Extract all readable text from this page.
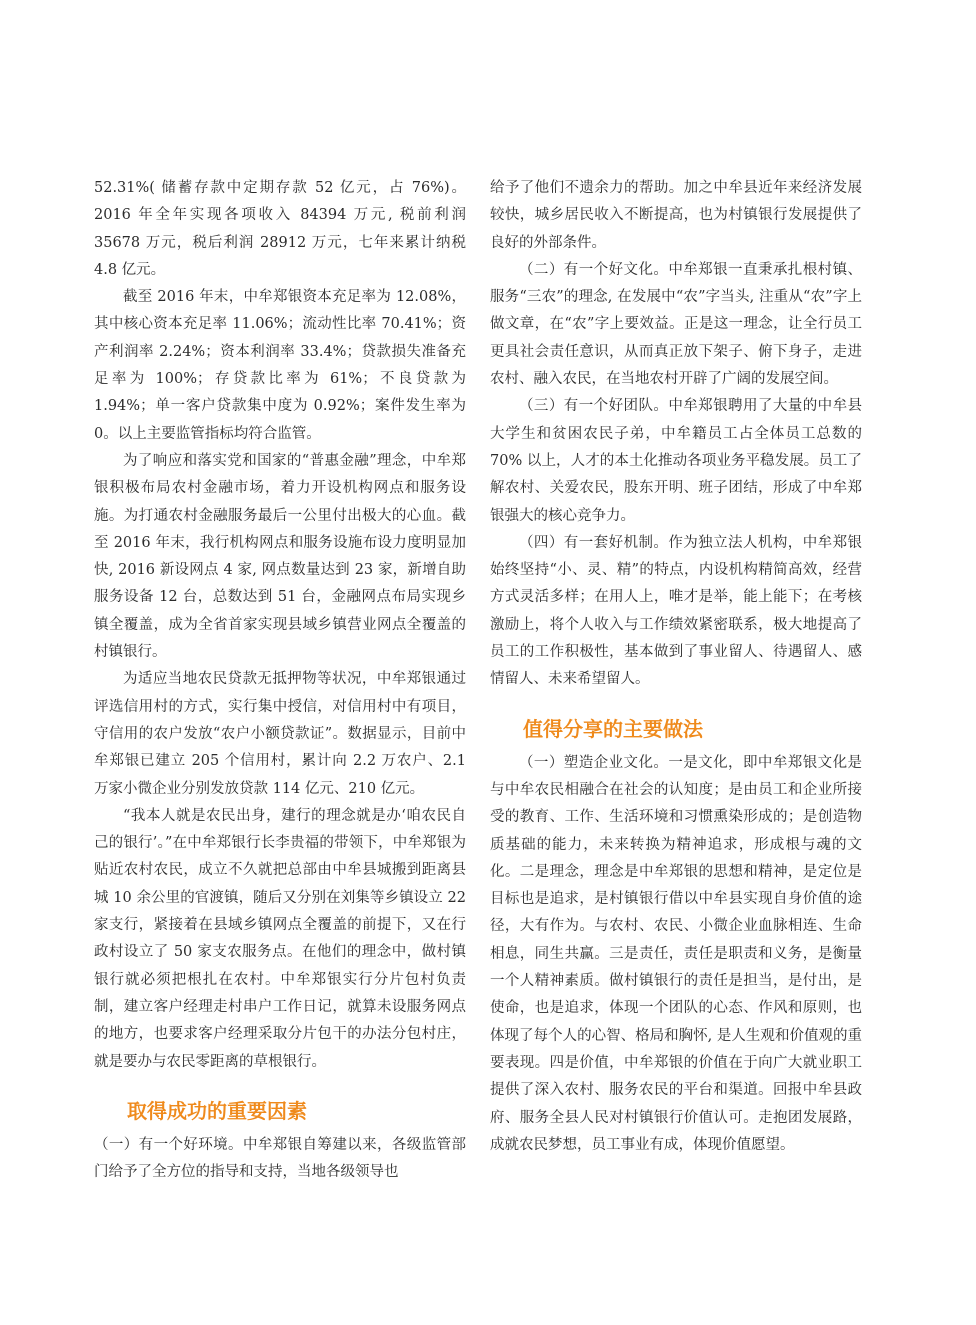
52.31%( 储蓄存款中定期存款 52 亿元，占 76%)。2016 年全年实现各项收入 84394 万元, 税前利润 35678 万元，税后利润 28912 万元，七年来累计纳税 4.8 亿元。

截至 2016 年末，中牟郑银资本充足率为 12.08%，其中核心资本充足率 11.06%；流动性比率 70.41%；资产利润率 2.24%；资本利润率 33.4%；贷款损失准备充足率为 100%；存贷款比率为 61%；不良贷款为 1.94%；单一客户贷款集中度为 0.92%；案件发生率为 0。以上主要监管指标均符合监管。

为了响应和落实党和国家的“普惠金融”理念，中牟郑银积极布局农村金融市场，着力开设机构网点和服务设施。为打通农村金融服务最后一公里付出极大的心血。截至 2016 年末，我行机构网点和服务设施布设力度明显加快, 2016 新设网点 4 家, 网点数量达到 23 家，新增自助服务设备 12 台，总数达到 51 台，金融网点布局实现乡镇全覆盖，成为全省首家实现县域乡镇营业网点全覆盖的村镇银行。

为适应当地农民贷款无抵押物等状况，中牟郑银通过评选信用村的方式，实行集中授信，对信用村中有项目，守信用的农户发放“农户小额贷款证”。数据显示，目前中牟郑银已建立 205 个信用村，累计向 2.2 万农户、2.1 万家小微企业分别发放贷款 114 亿元、210 亿元。

“我本人就是农民出身，建行的理念就是办‘咱农民自己的银行’。”在中牟郑银行长李贵福的带领下，中牟郑银为贴近农村农民，成立不久就把总部由中牟县城搬到距离县城 10 余公里的官渡镇，随后又分别在刘集等乡镇设立 22 家支行，紧接着在县域乡镇网点全覆盖的前提下，又在行政村设立了 50 家支农服务点。在他们的理念中，做村镇银行就必须把根扎在农村。中牟郑银实行分片包村负责制，建立客户经理走村串户工作日记，就算未设服务网点的地方，也要求客户经理采取分片包干的办法分包村庄，就是要办与农民零距离的草根银行。

取得成功的重要因素

（一）有一个好环境。中牟郑银自筹建以来，各级监管部门给予了全方位的指导和支持，当地各级领导也

给予了他们不遗余力的帮助。加之中牟县近年来经济发展较快，城乡居民收入不断提高，也为村镇银行发展提供了良好的外部条件。

（二）有一个好文化。中牟郑银一直秉承扎根村镇、服务“三农”的理念, 在发展中“农”字当头, 注重从“农”字上做文章，在“农”字上要效益。正是这一理念，让全行员工更具社会责任意识，从而真正放下架子、俯下身子，走进农村、融入农民，在当地农村开辟了广阔的发展空间。

（三）有一个好团队。中牟郑银聘用了大量的中牟县大学生和贫困农民子弟，中牟籍员工占全体员工总数的 70% 以上，人才的本土化推动各项业务平稳发展。员工了解农村、关爱农民，股东开明、班子团结，形成了中牟郑银强大的核心竞争力。

（四）有一套好机制。作为独立法人机构，中牟郑银始终坚持“小、灵、精”的特点，内设机构精简高效，经营方式灵活多样；在用人上，唯才是举，能上能下；在考核激励上，将个人收入与工作绩效紧密联系，极大地提高了员工的工作积极性，基本做到了事业留人、待遇留人、感情留人、未来希望留人。

值得分享的主要做法

（一）塑造企业文化。一是文化，即中牟郑银文化是与中牟农民相融合在社会的认知度；是由员工和企业所接受的教育、工作、生活环境和习惯熏染形成的；是创造物质基础的能力，未来转换为精神追求，形成根与魂的文化。二是理念，理念是中牟郑银的思想和精神，是定位是目标也是追求，是村镇银行借以中牟县实现自身价值的途径，大有作为。与农村、农民、小微企业血脉相连、生命相息，同生共赢。三是责任，责任是职责和义务，是衡量一个人精神素质。做村镇银行的责任是担当，是付出，是使命，也是追求，体现一个团队的心态、作风和原则，也体现了每个人的心智、格局和胸怀, 是人生观和价值观的重要表现。四是价值，中牟郑银的价值在于向广大就业职工提供了深入农村、服务农民的平台和渠道。回报中牟县政府、服务全县人民对村镇银行价值认可。走抱团发展路，成就农民梦想，员工事业有成，体现价值愿望。
